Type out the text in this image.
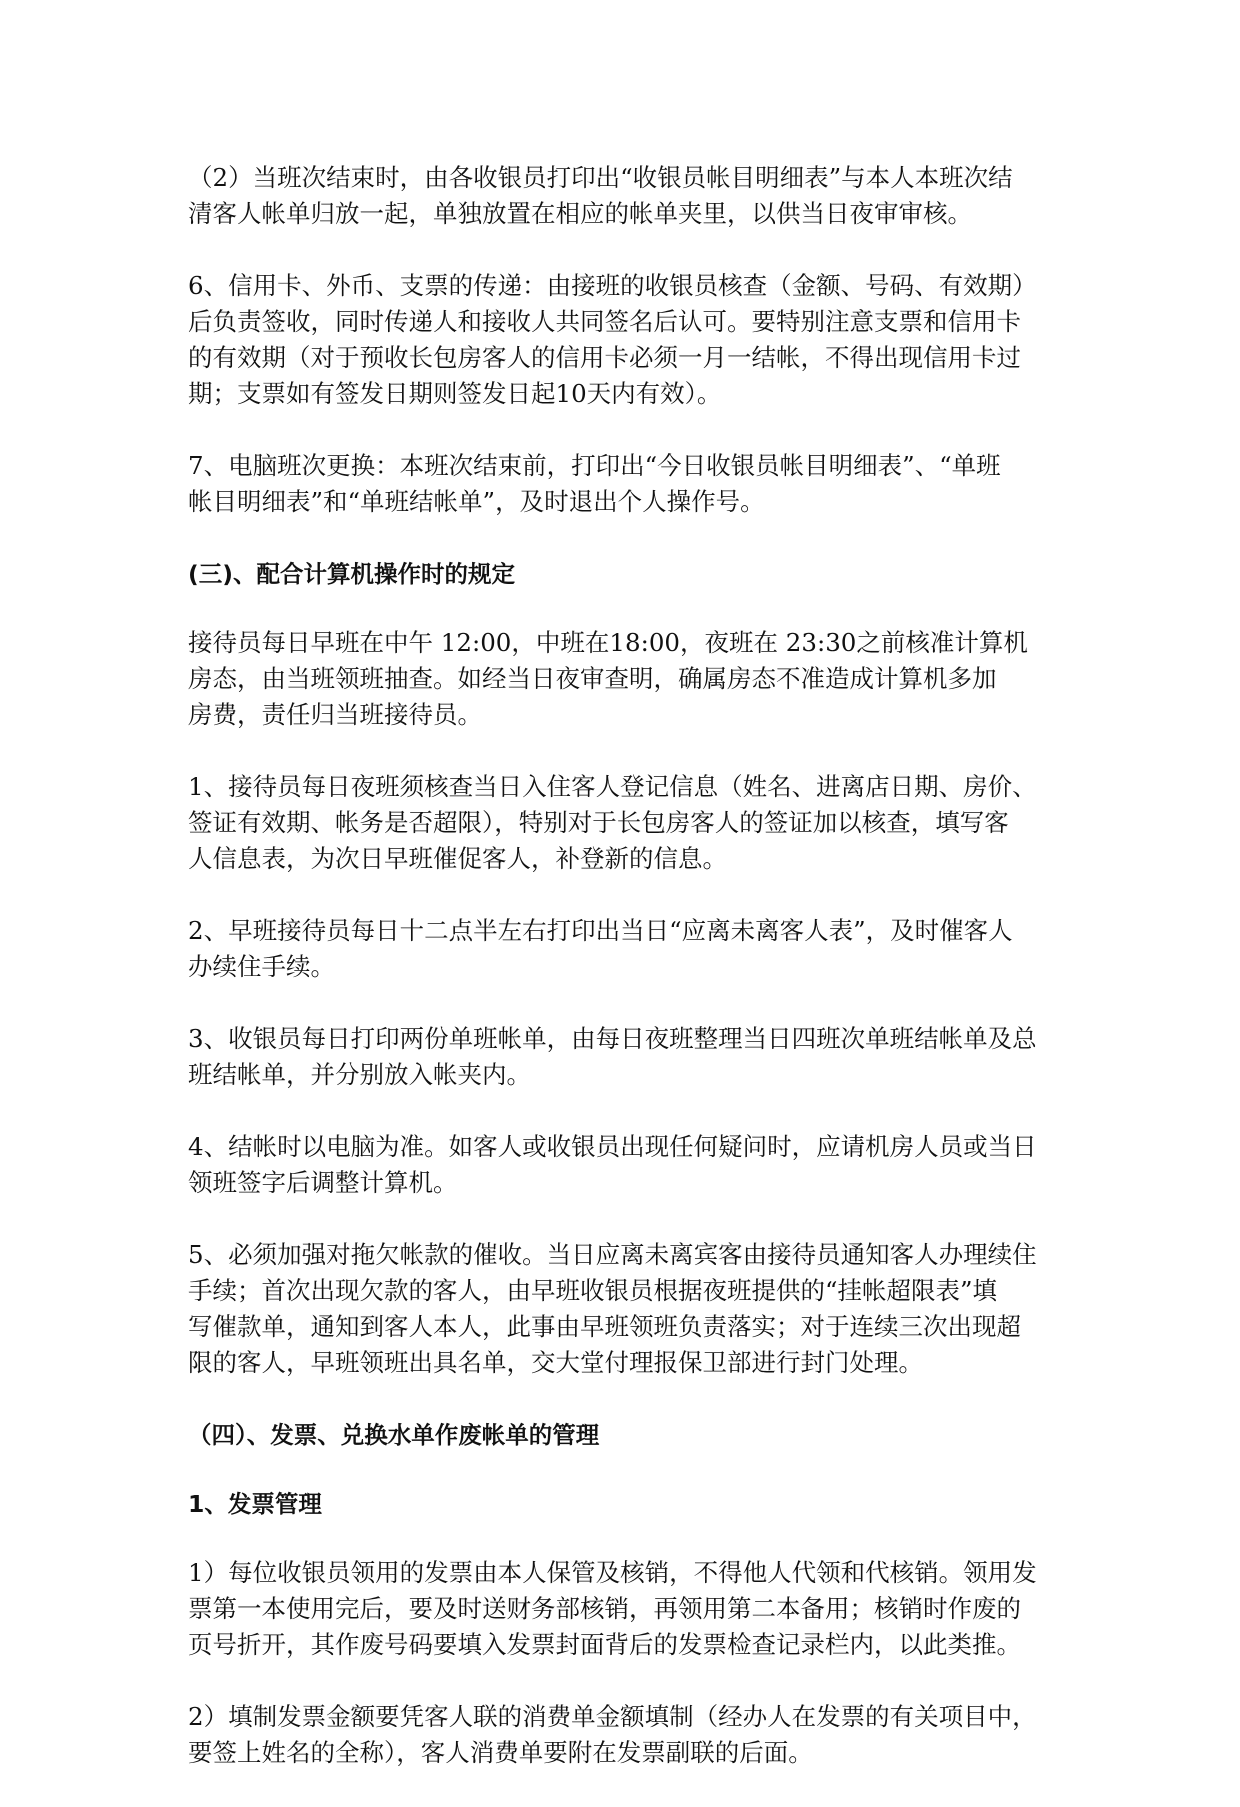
（2）当班次结束时，由各收银员打印出“收银员帐目明细表”与本人本班次结
清客人帐单归放一起，单独放置在相应的帐单夹里，以供当日夜审审核。
6、信用卡、外币、支票的传递：由接班的收银员核查（金额、号码、有效期）
后负责签收，同时传递人和接收人共同签名后认可。要特别注意支票和信用卡
的有效期（对于预收长包房客人的信用卡必须一月一结帐，不得出现信用卡过
期；支票如有签发日期则签发日起10天内有效）。
7、电脑班次更换：本班次结束前，打印出“今日收银员帐目明细表”、“单班
帐目明细表”和“单班结帐单”，及时退出个人操作号。
(三)、配合计算机操作时的规定
接待员每日早班在中午 12:00，中班在18:00，夜班在 23:30之前核准计算机
房态，由当班领班抽查。如经当日夜审查明，确属房态不准造成计算机多加
房费，责任归当班接待员。
1、接待员每日夜班须核查当日入住客人登记信息（姓名、进离店日期、房价、
签证有效期、帐务是否超限），特别对于长包房客人的签证加以核查，填写客
人信息表，为次日早班催促客人，补登新的信息。
2、早班接待员每日十二点半左右打印出当日“应离未离客人表”，及时催客人
办续住手续。
3、收银员每日打印两份单班帐单，由每日夜班整理当日四班次单班结帐单及总
班结帐单，并分别放入帐夹内。
4、结帐时以电脑为准。如客人或收银员出现任何疑问时，应请机房人员或当日
领班签字后调整计算机。
5、必须加强对拖欠帐款的催收。当日应离未离宾客由接待员通知客人办理续住
手续；首次出现欠款的客人，由早班收银员根据夜班提供的“挂帐超限表”填
写催款单，通知到客人本人，此事由早班领班负责落实；对于连续三次出现超
限的客人，早班领班出具名单，交大堂付理报保卫部进行封门处理。
（四）、发票、兑换水单作废帐单的管理
1、发票管理
1）每位收银员领用的发票由本人保管及核销，不得他人代领和代核销。领用发
票第一本使用完后，要及时送财务部核销，再领用第二本备用；核销时作废的
页号折开，其作废号码要填入发票封面背后的发票检查记录栏内，以此类推。
2）填制发票金额要凭客人联的消费单金额填制（经办人在发票的有关项目中，
要签上姓名的全称），客人消费单要附在发票副联的后面。
